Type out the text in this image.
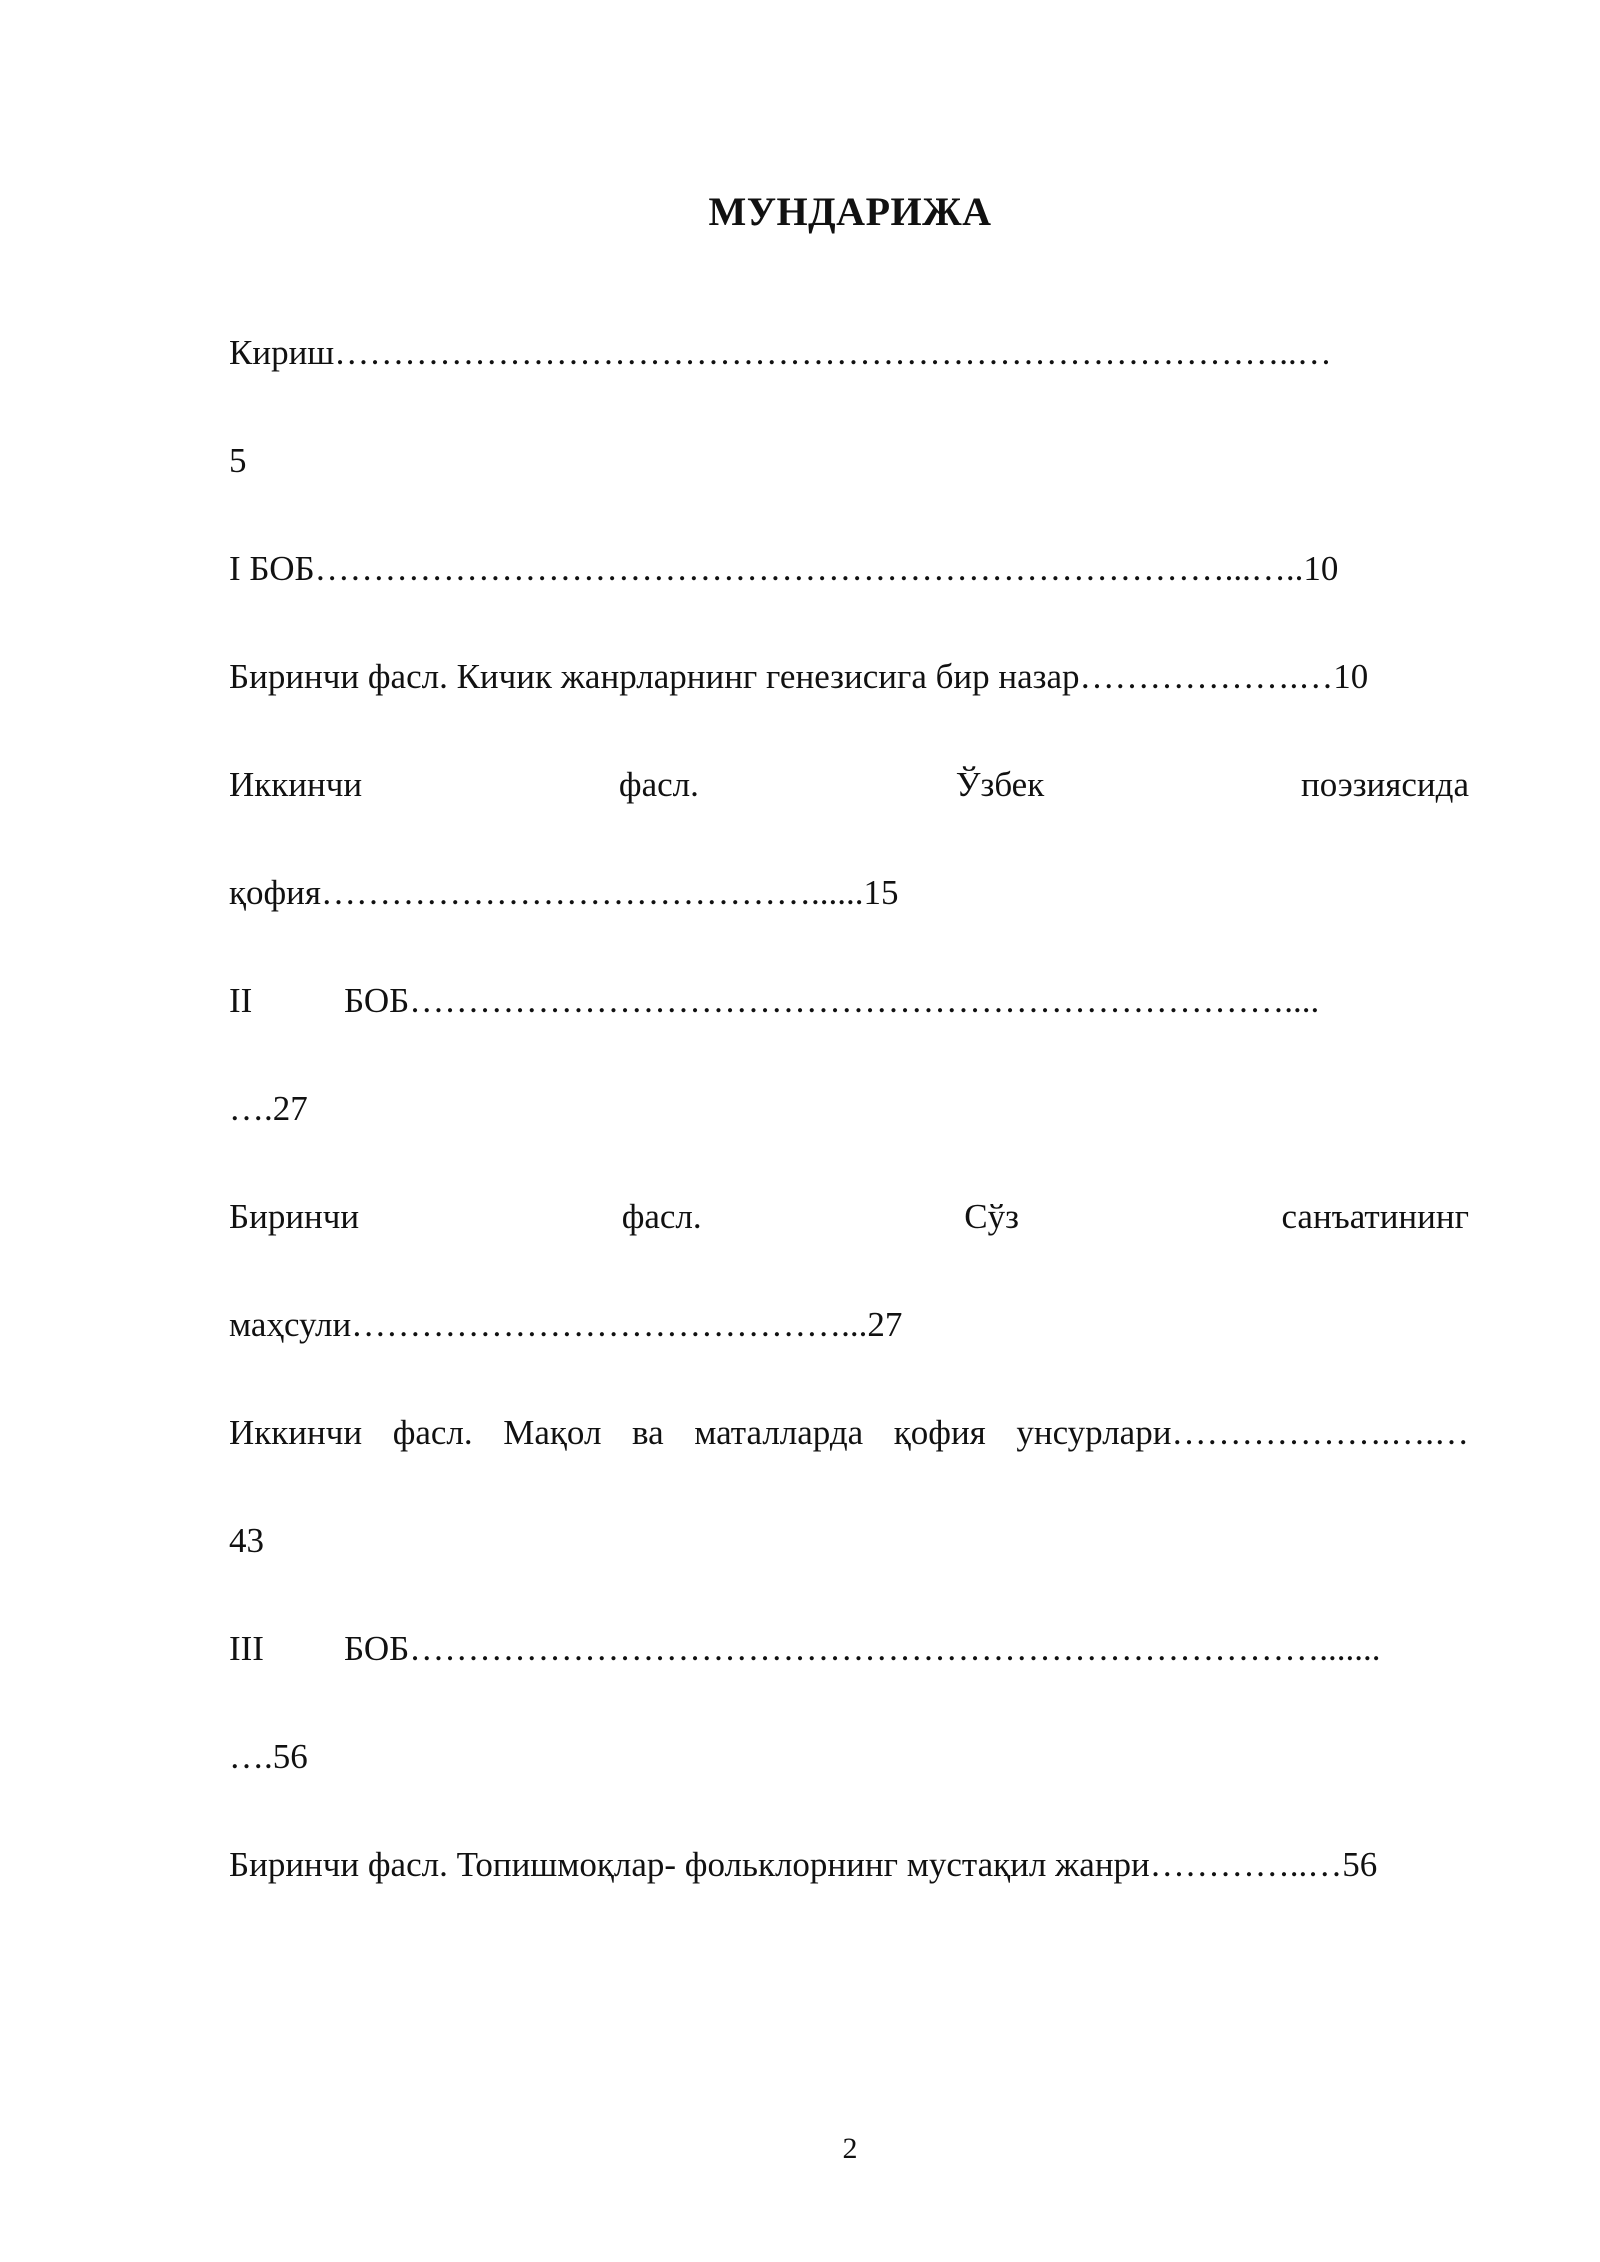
МУНДАРИЖА
Кириш………………………………………………………………………..…
5
I БОБ……………………………………………………………………...…..10
Биринчи фасл. Кичик жанрларнинг генезисига бир назар……………….…10
Иккинчи	фасл.	Ўзбек	поэзиясида
қофия……………………………………......15
II	БОБ…………………………………………………………………....
….27
Биринчи	фасл.	Сўз	санъатининг
маҳсули……………………………………...27
Иккинчи фасл. Мақол ва маталларда қофия унсурлари……………….….…
43
III	БОБ…………………………………………………………………….......
….56
Биринчи фасл. Топишмоқлар- фольклорнинг мустақил жанри…………..…56
2
